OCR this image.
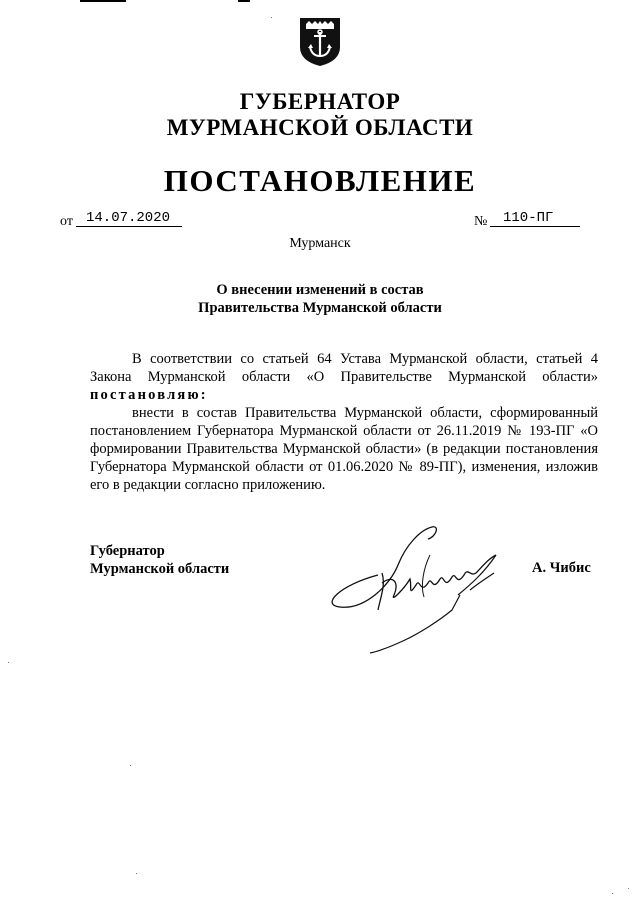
ГУБЕРНАТОР
МУРМАНСКОЙ ОБЛАСТИ
ПОСТАНОВЛЕНИЕ
от 14.07.2020	№ 110-ПГ
Мурманск
О внесении изменений в состав
Правительства Мурманской области
В соответствии со статьей 64 Устава Мурманской области, статьей 4 Закона Мурманской области «О Правительстве Мурманской области» постановляю:
внести в состав Правительства Мурманской области, сформированный постановлением Губернатора Мурманской области от 26.11.2019 № 193-ПГ «О формировании Правительства Мурманской области» (в редакции постановления Губернатора Мурманской области от 01.06.2020 № 89-ПГ), изменения, изложив его в редакции согласно приложению.
Губернатор
Мурманской области	А. Чибис
